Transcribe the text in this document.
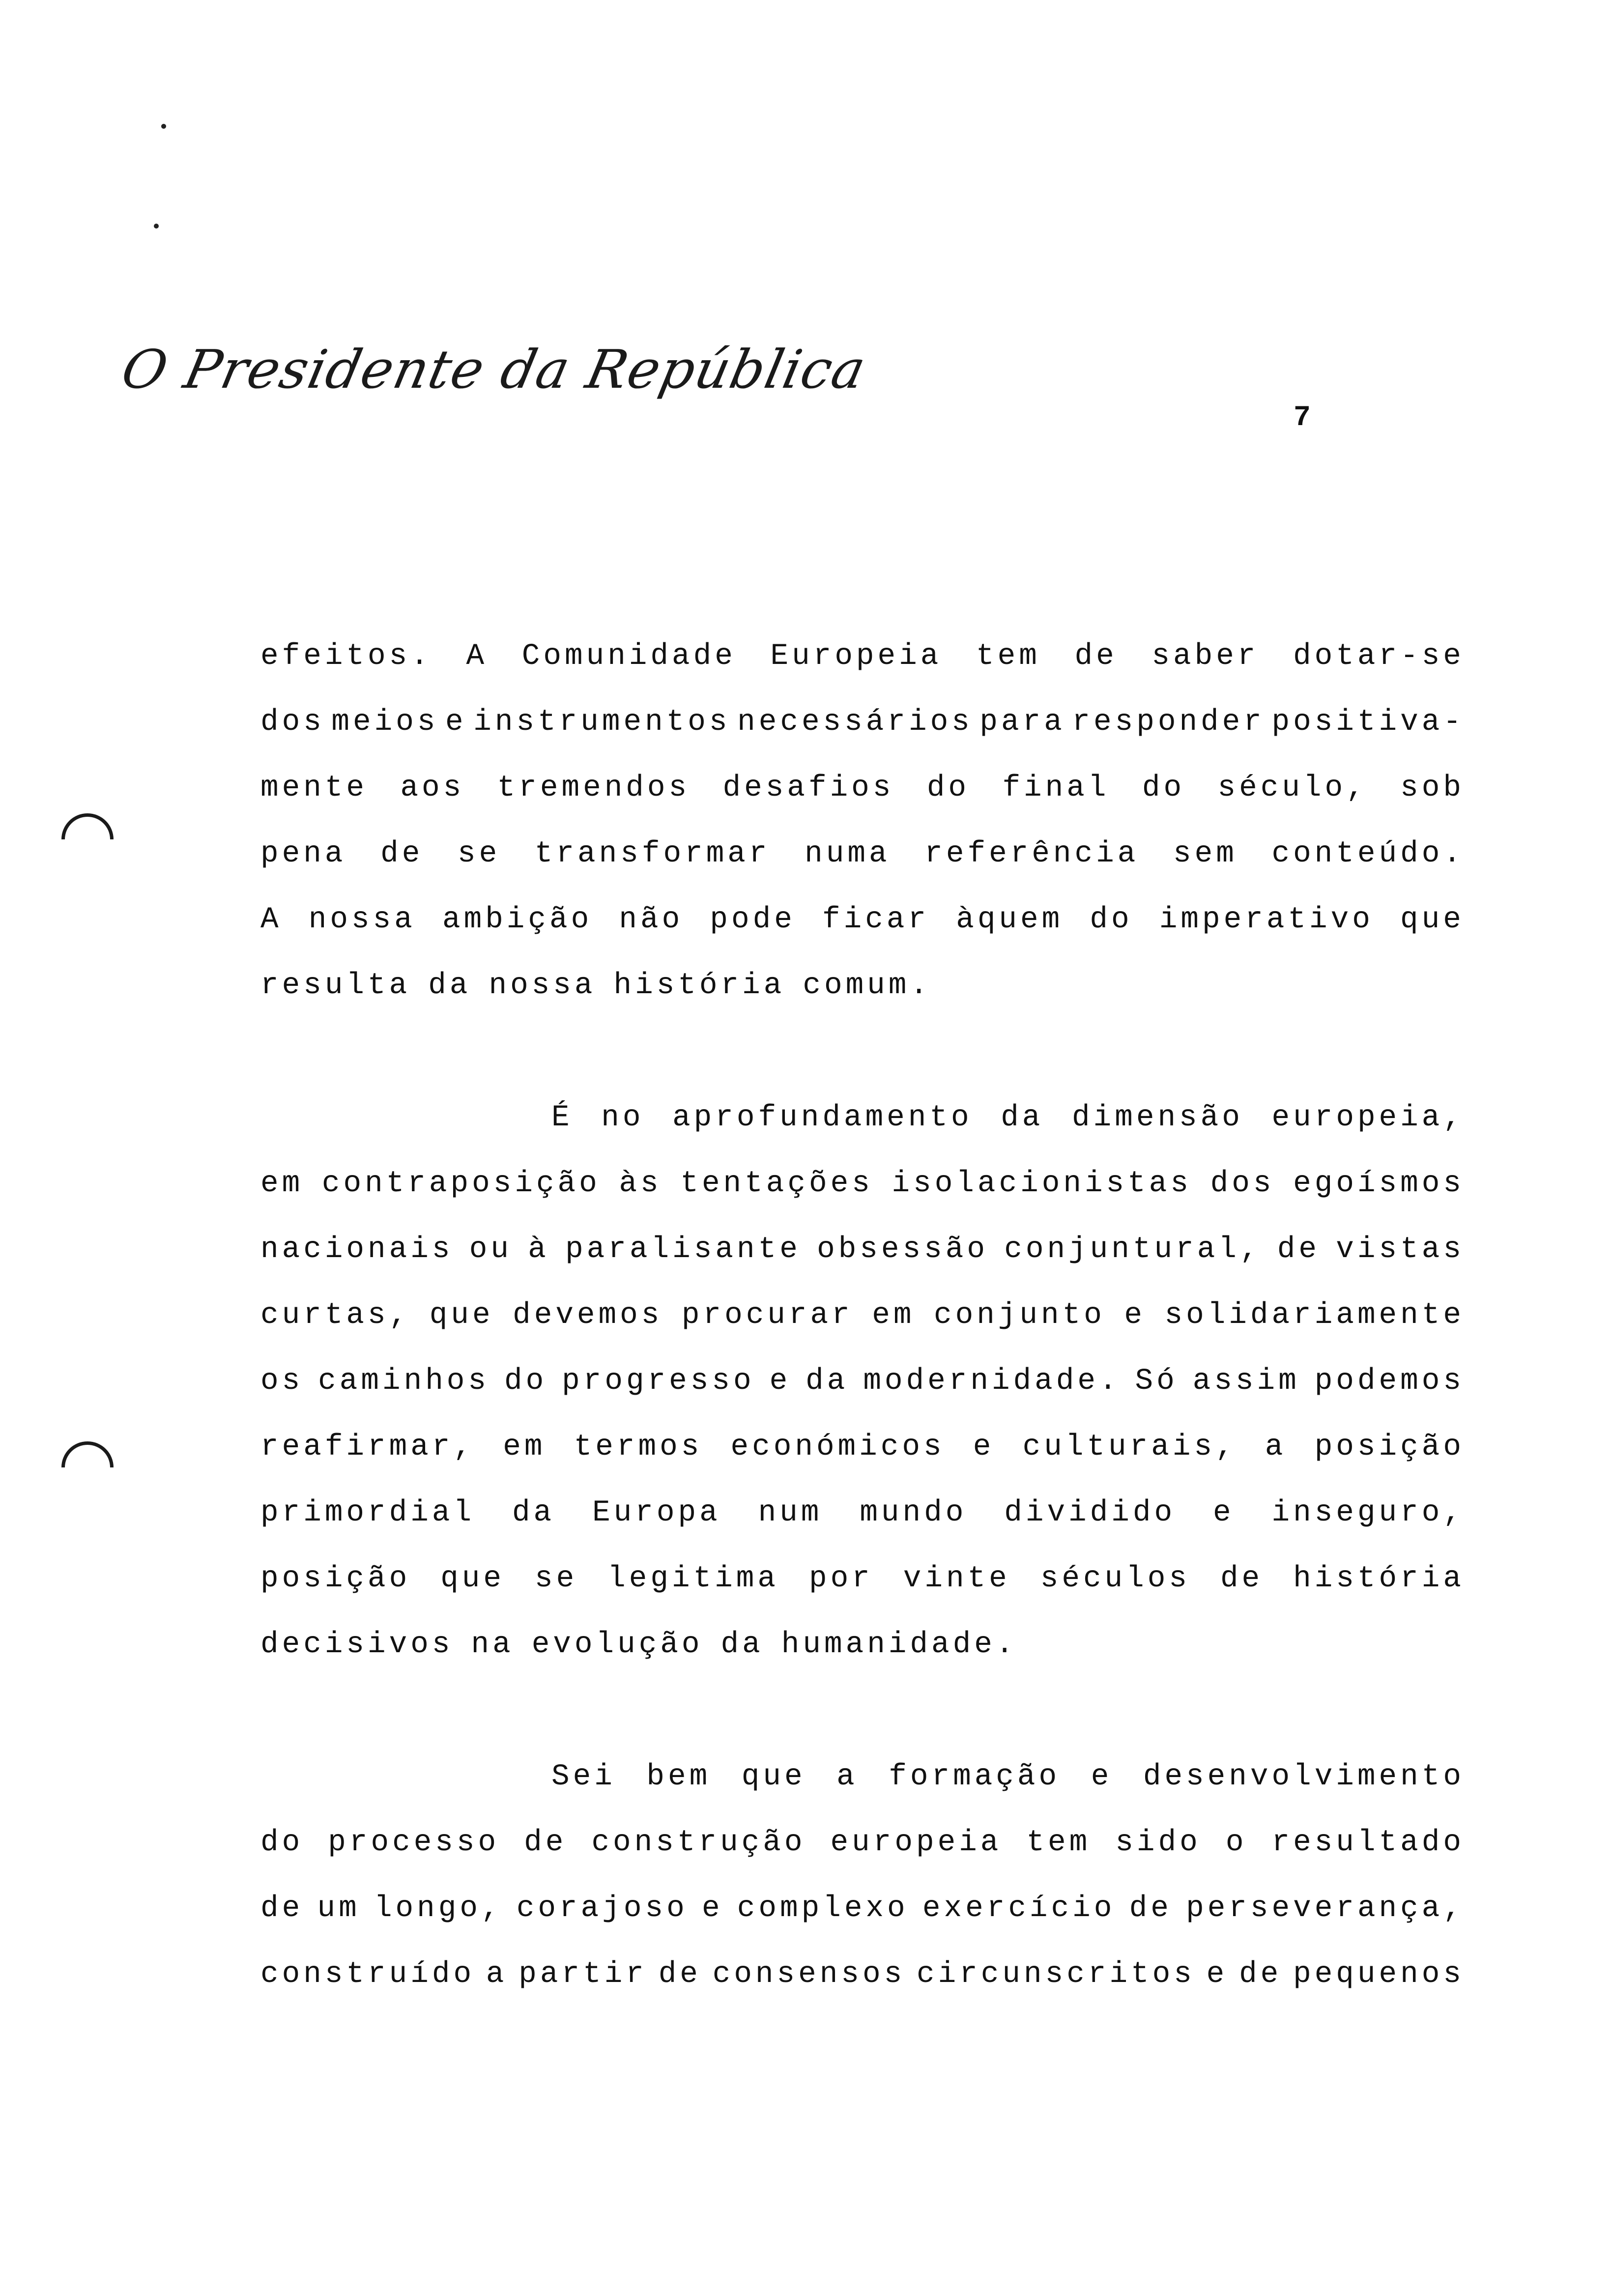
O Presidente da República
7
efeitos. A Comunidade Europeia tem de saber dotar-se
dos meios e instrumentos necessários para responder positiva-
mente aos tremendos desafios do final do século, sob
pena de se transformar numa referência sem conteúdo.
A nossa ambição não pode ficar àquem do imperativo que
resulta da nossa história comum.
É no aprofundamento da dimensão europeia,
em contraposição às tentações isolacionistas dos egoísmos
nacionais ou à paralisante obsessão conjuntural, de vistas
curtas, que devemos procurar em conjunto e solidariamente
os caminhos do progresso e da modernidade. Só assim podemos
reafirmar, em termos económicos e culturais, a posição
primordial da Europa num mundo dividido e inseguro,
posição que se legitima por vinte séculos de história
decisivos na evolução da humanidade.
Sei bem que a formação e desenvolvimento
do processo de construção europeia tem sido o resultado
de um longo, corajoso e complexo exercício de perseverança,
construído a partir de consensos circunscritos e de pequenos
